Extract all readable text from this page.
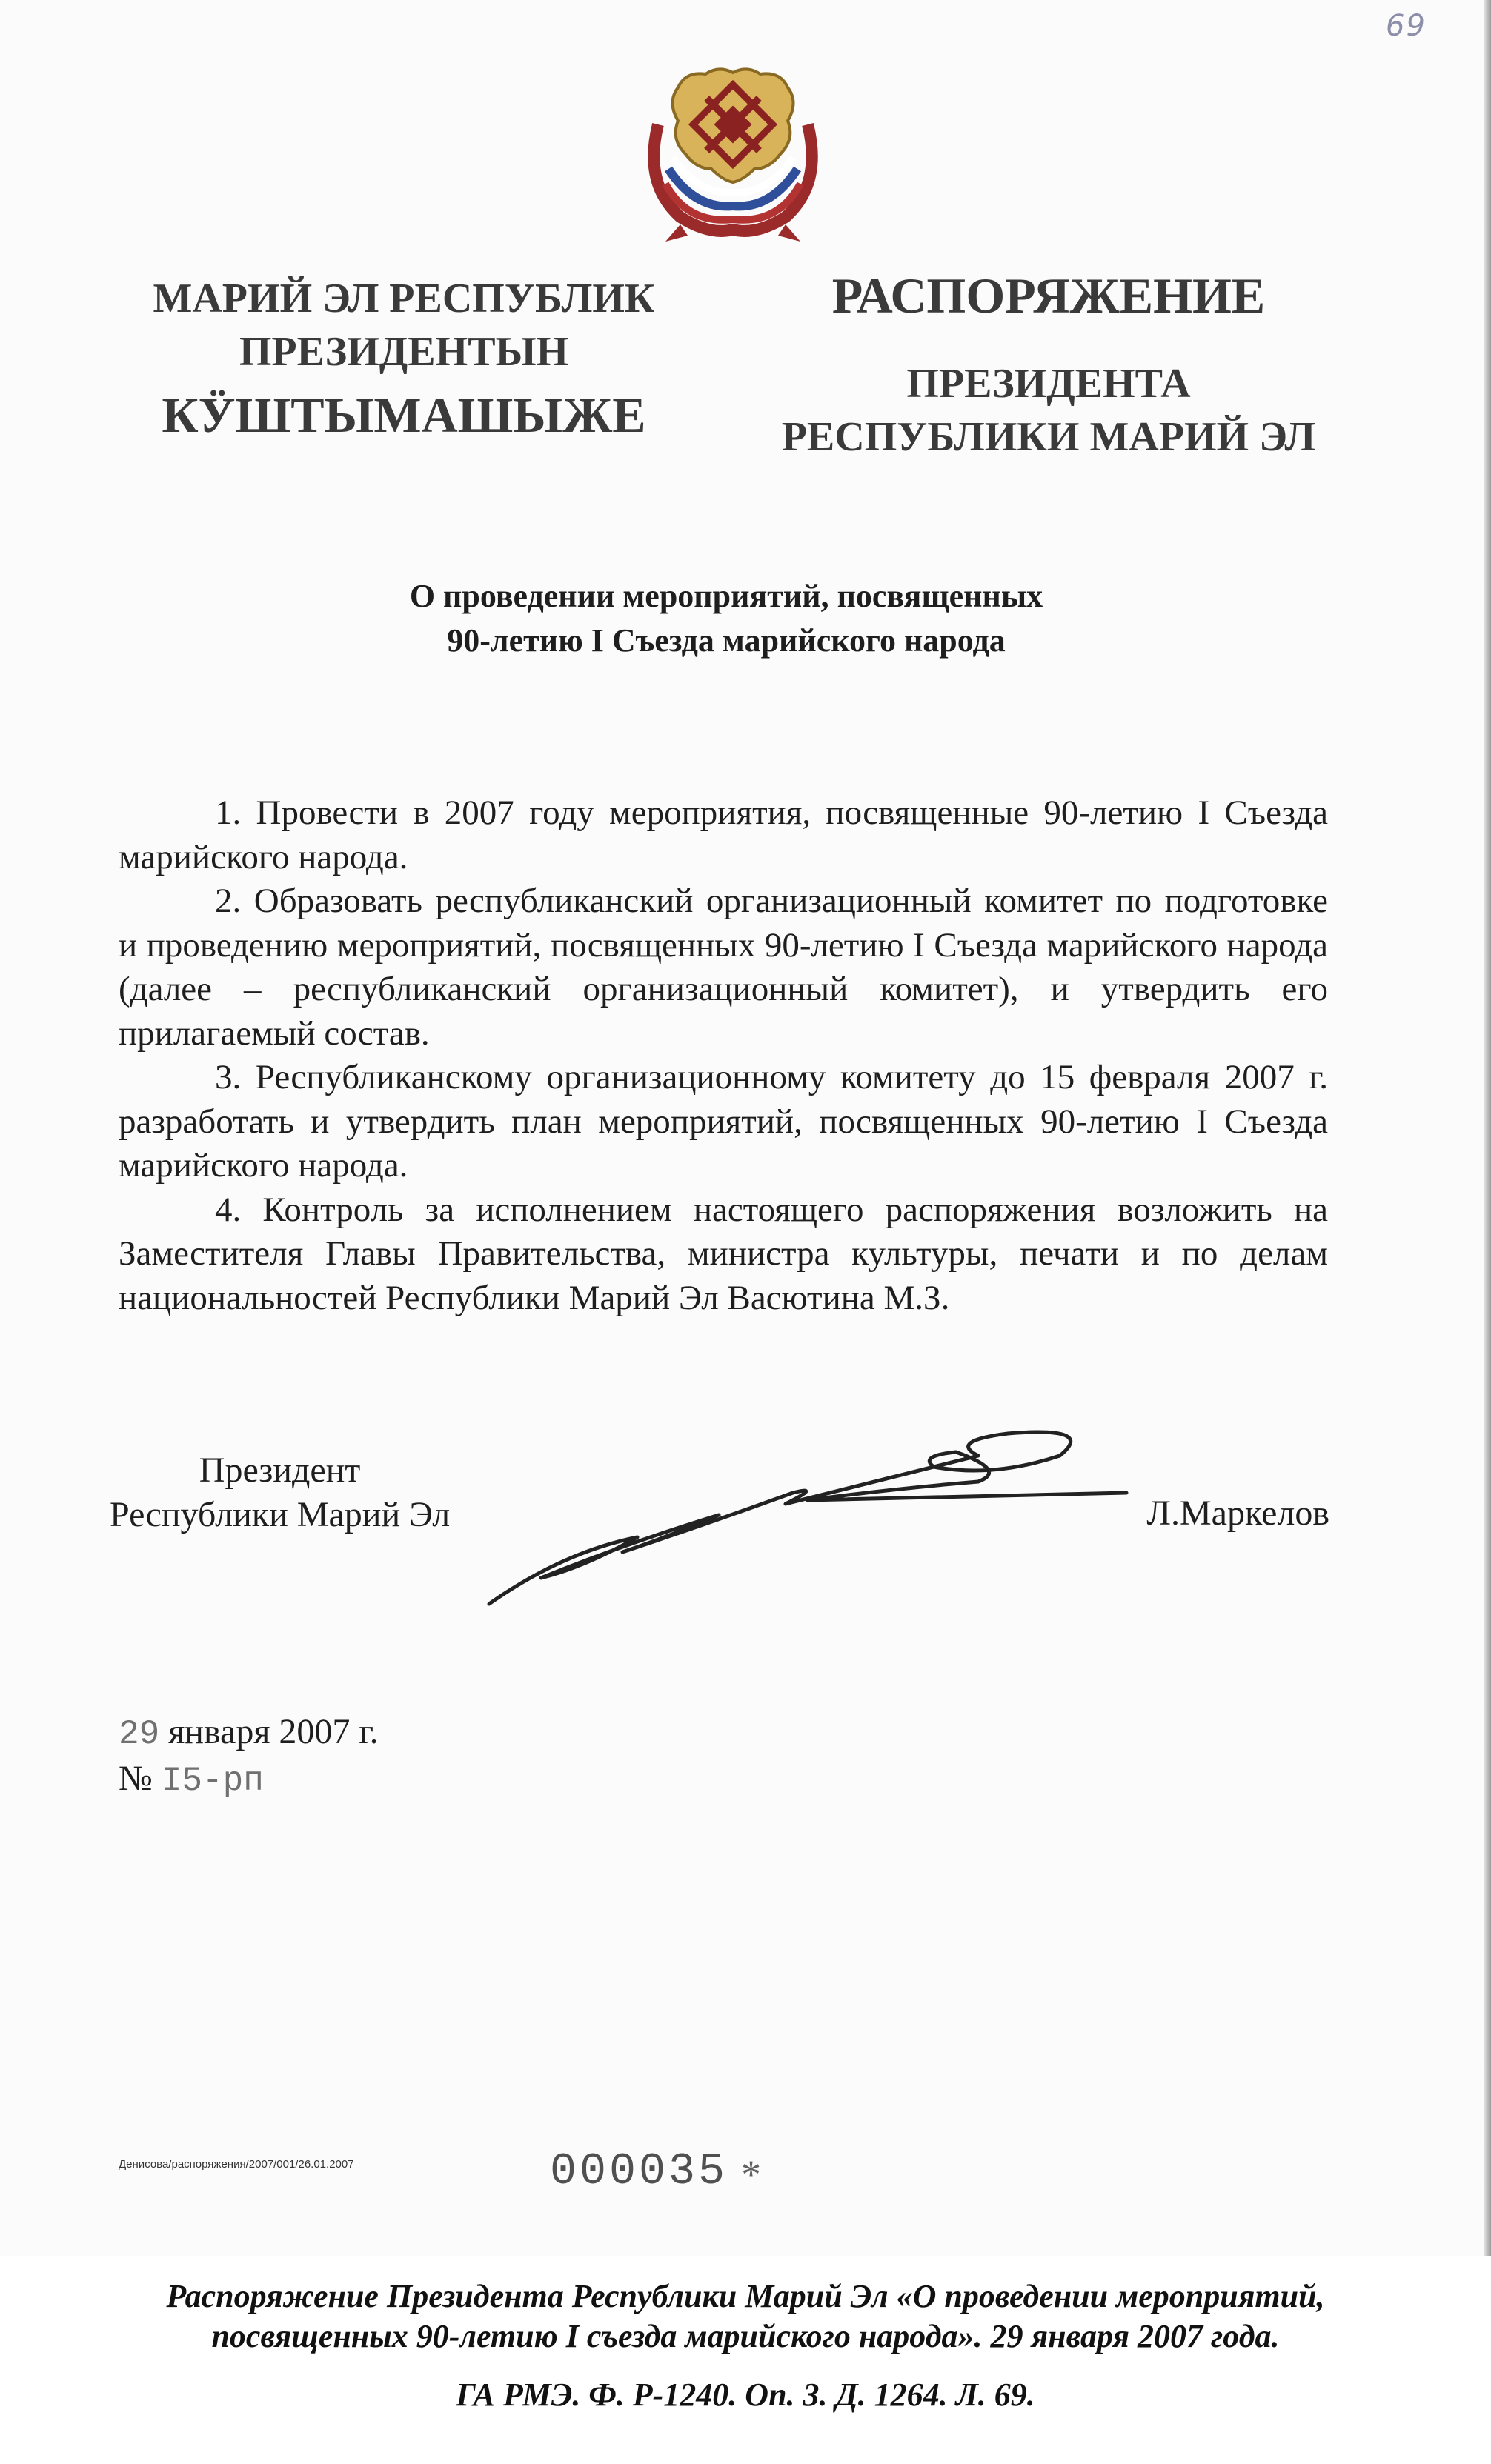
69
МАРИЙ ЭЛ РЕСПУБЛИК
ПРЕЗИДЕНТЫН
КӰШТЫМАШЫЖЕ
РАСПОРЯЖЕНИЕ
ПРЕЗИДЕНТА
РЕСПУБЛИКИ МАРИЙ ЭЛ
О проведении мероприятий, посвященных
90-летию I Съезда марийского народа

1. Провести в 2007 году мероприятия, посвященные 90-летию I Съезда марийского народа.

2. Образовать республиканский организационный комитет по подготовке и проведению мероприятий, посвященных 90-летию I Съезда марийского народа (далее – республиканский организационный комитет), и утвердить его прилагаемый состав.

3. Республиканскому организационному комитету до 15 февраля 2007 г. разработать и утвердить план мероприятий, посвященных 90-летию I Съезда марийского народа.

4. Контроль за исполнением настоящего распоряжения возложить на Заместителя Главы Правительства, министра культуры, печати и по делам национальностей Республики Марий Эл Васютина М.З.

Президент
Республики Марий Эл	Л.Маркелов
29 января 2007 г.
№ I5-рп
Денисова/распоряжения/2007/001/26.01.2007	000035 *
Распоряжение Президента Республики Марий Эл «О проведении мероприятий,
посвященных 90-летию I съезда марийского народа». 29 января 2007 года.
ГА РМЭ. Ф. Р-1240. Оп. 3. Д. 1264. Л. 69.
